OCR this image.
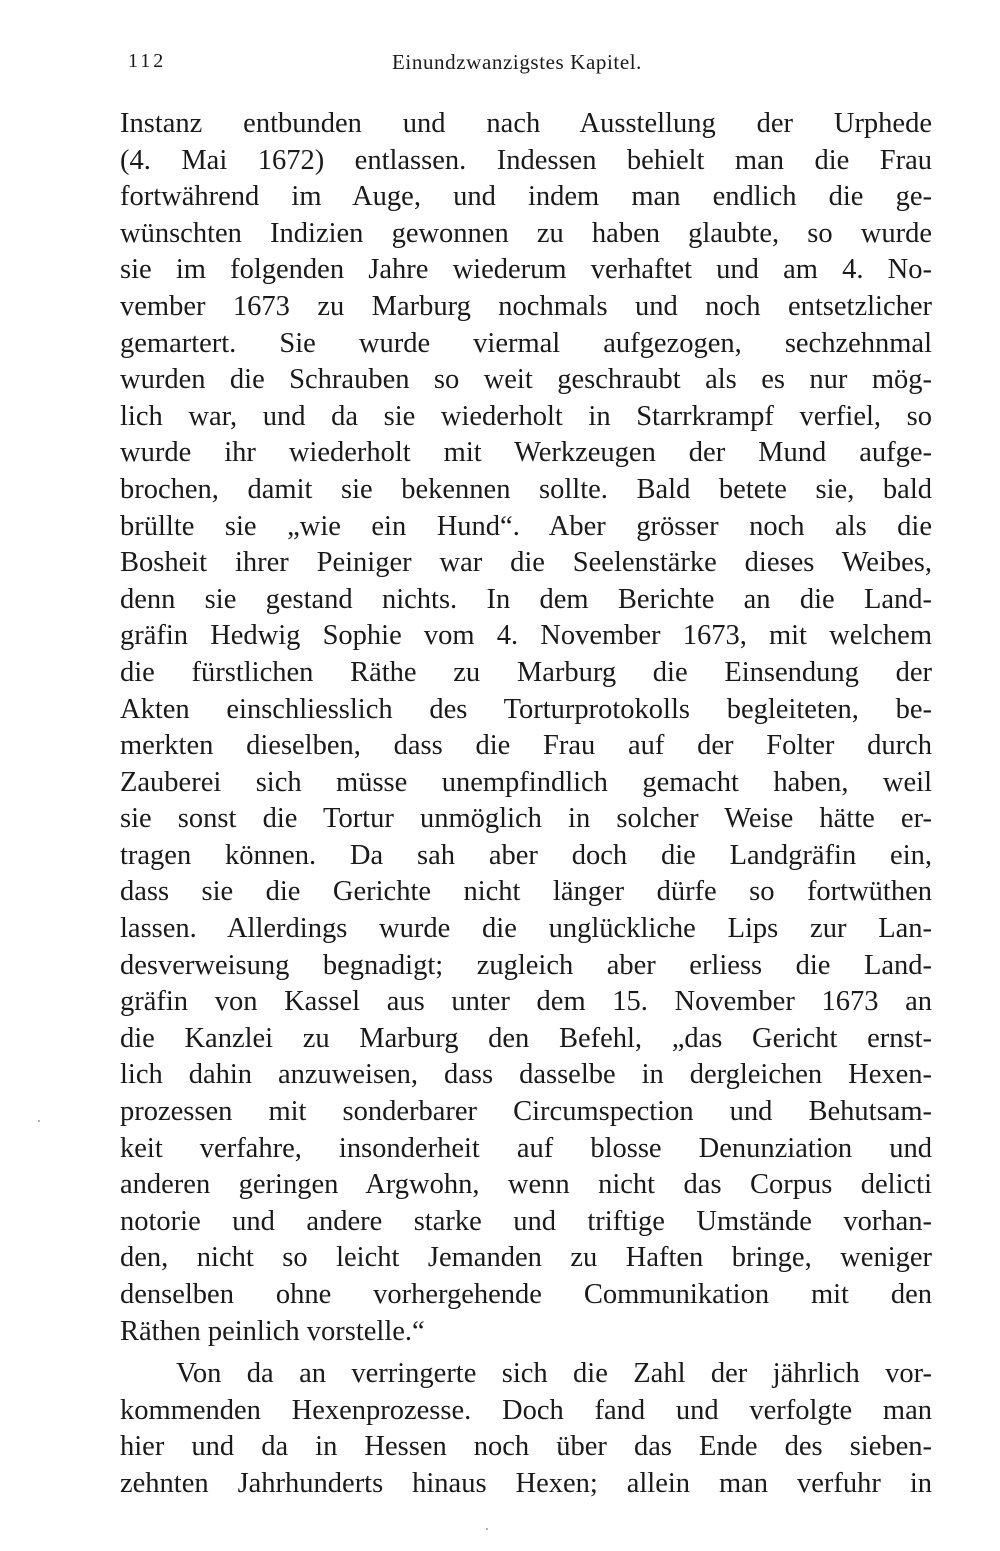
112	Einundzwanzigstes Kapitel.
Instanz entbunden und nach Ausstellung der Urphede
(4. Mai 1672) entlassen. Indessen behielt man die Frau
fortwährend im Auge, und indem man endlich die ge-
wünschten Indizien gewonnen zu haben glaubte, so wurde
sie im folgenden Jahre wiederum verhaftet und am 4. No-
vember 1673 zu Marburg nochmals und noch entsetzlicher
gemartert. Sie wurde viermal aufgezogen, sechzehnmal
wurden die Schrauben so weit geschraubt als es nur mög-
lich war, und da sie wiederholt in Starrkrampf verfiel, so
wurde ihr wiederholt mit Werkzeugen der Mund aufge-
brochen, damit sie bekennen sollte. Bald betete sie, bald
brüllte sie „wie ein Hund“. Aber grösser noch als die
Bosheit ihrer Peiniger war die Seelenstärke dieses Weibes,
denn sie gestand nichts. In dem Berichte an die Land-
gräfin Hedwig Sophie vom 4. November 1673, mit welchem
die fürstlichen Räthe zu Marburg die Einsendung der
Akten einschliesslich des Torturprotokolls begleiteten, be-
merkten dieselben, dass die Frau auf der Folter durch
Zauberei sich müsse unempfindlich gemacht haben, weil
sie sonst die Tortur unmöglich in solcher Weise hätte er-
tragen können. Da sah aber doch die Landgräfin ein,
dass sie die Gerichte nicht länger dürfe so fortwüthen
lassen. Allerdings wurde die unglückliche Lips zur Lan-
desverweisung begnadigt; zugleich aber erliess die Land-
gräfin von Kassel aus unter dem 15. November 1673 an
die Kanzlei zu Marburg den Befehl, „das Gericht ernst-
lich dahin anzuweisen, dass dasselbe in dergleichen Hexen-
prozessen mit sonderbarer Circumspection und Behutsam-
keit verfahre, insonderheit auf blosse Denunziation und
anderen geringen Argwohn, wenn nicht das Corpus delicti
notorie und andere starke und triftige Umstände vorhan-
den, nicht so leicht Jemanden zu Haften bringe, weniger
denselben ohne vorhergehende Communikation mit den
Räthen peinlich vorstelle.“
Von da an verringerte sich die Zahl der jährlich vor-
kommenden Hexenprozesse. Doch fand und verfolgte man
hier und da in Hessen noch über das Ende des sieben-
zehnten Jahrhunderts hinaus Hexen; allein man verfuhr in
